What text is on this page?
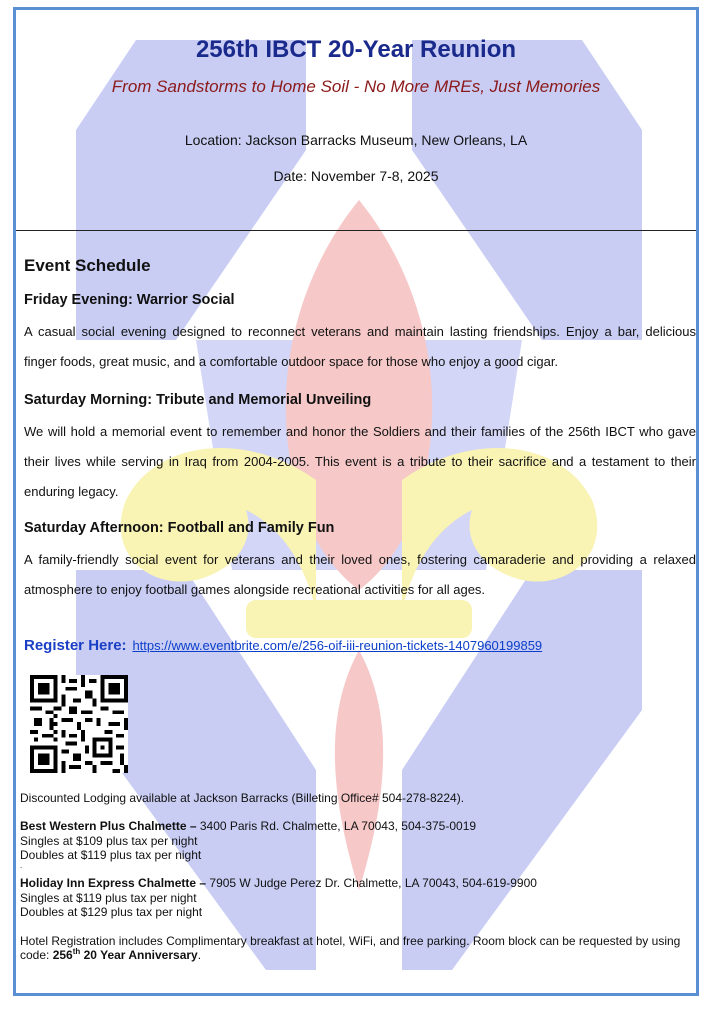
256th IBCT 20-Year Reunion
From Sandstorms to Home Soil - No More MREs, Just Memories
Location: Jackson Barracks Museum, New Orleans, LA
Date: November 7-8, 2025
Event Schedule
Friday Evening: Warrior Social
A casual social evening designed to reconnect veterans and maintain lasting friendships. Enjoy a bar, delicious finger foods, great music, and a comfortable outdoor space for those who enjoy a good cigar.
Saturday Morning: Tribute and Memorial Unveiling
We will hold a memorial event to remember and honor the Soldiers and their families of the 256th IBCT who gave their lives while serving in Iraq from 2004-2005. This event is a tribute to their sacrifice and a testament to their enduring legacy.
Saturday Afternoon: Football and Family Fun
A family-friendly social event for veterans and their loved ones, fostering camaraderie and providing a relaxed atmosphere to enjoy football games alongside recreational activities for all ages.
Register Here: https://www.eventbrite.com/e/256-oif-iii-reunion-tickets-1407960199859
Discounted Lodging available at Jackson Barracks (Billeting Office# 504-278-8224).
Best Western Plus Chalmette – 3400 Paris Rd. Chalmette, LA 70043, 504-375-0019
Singles at $109 plus tax per night
Doubles at $119 plus tax per night
.
Holiday Inn Express Chalmette – 7905 W Judge Perez Dr. Chalmette, LA 70043, 504-619-9900
Singles at $119 plus tax per night
Doubles at $129 plus tax per night
Hotel Registration includes Complimentary breakfast at hotel, WiFi, and free parking. Room block can be requested by using code: 256th 20 Year Anniversary.
